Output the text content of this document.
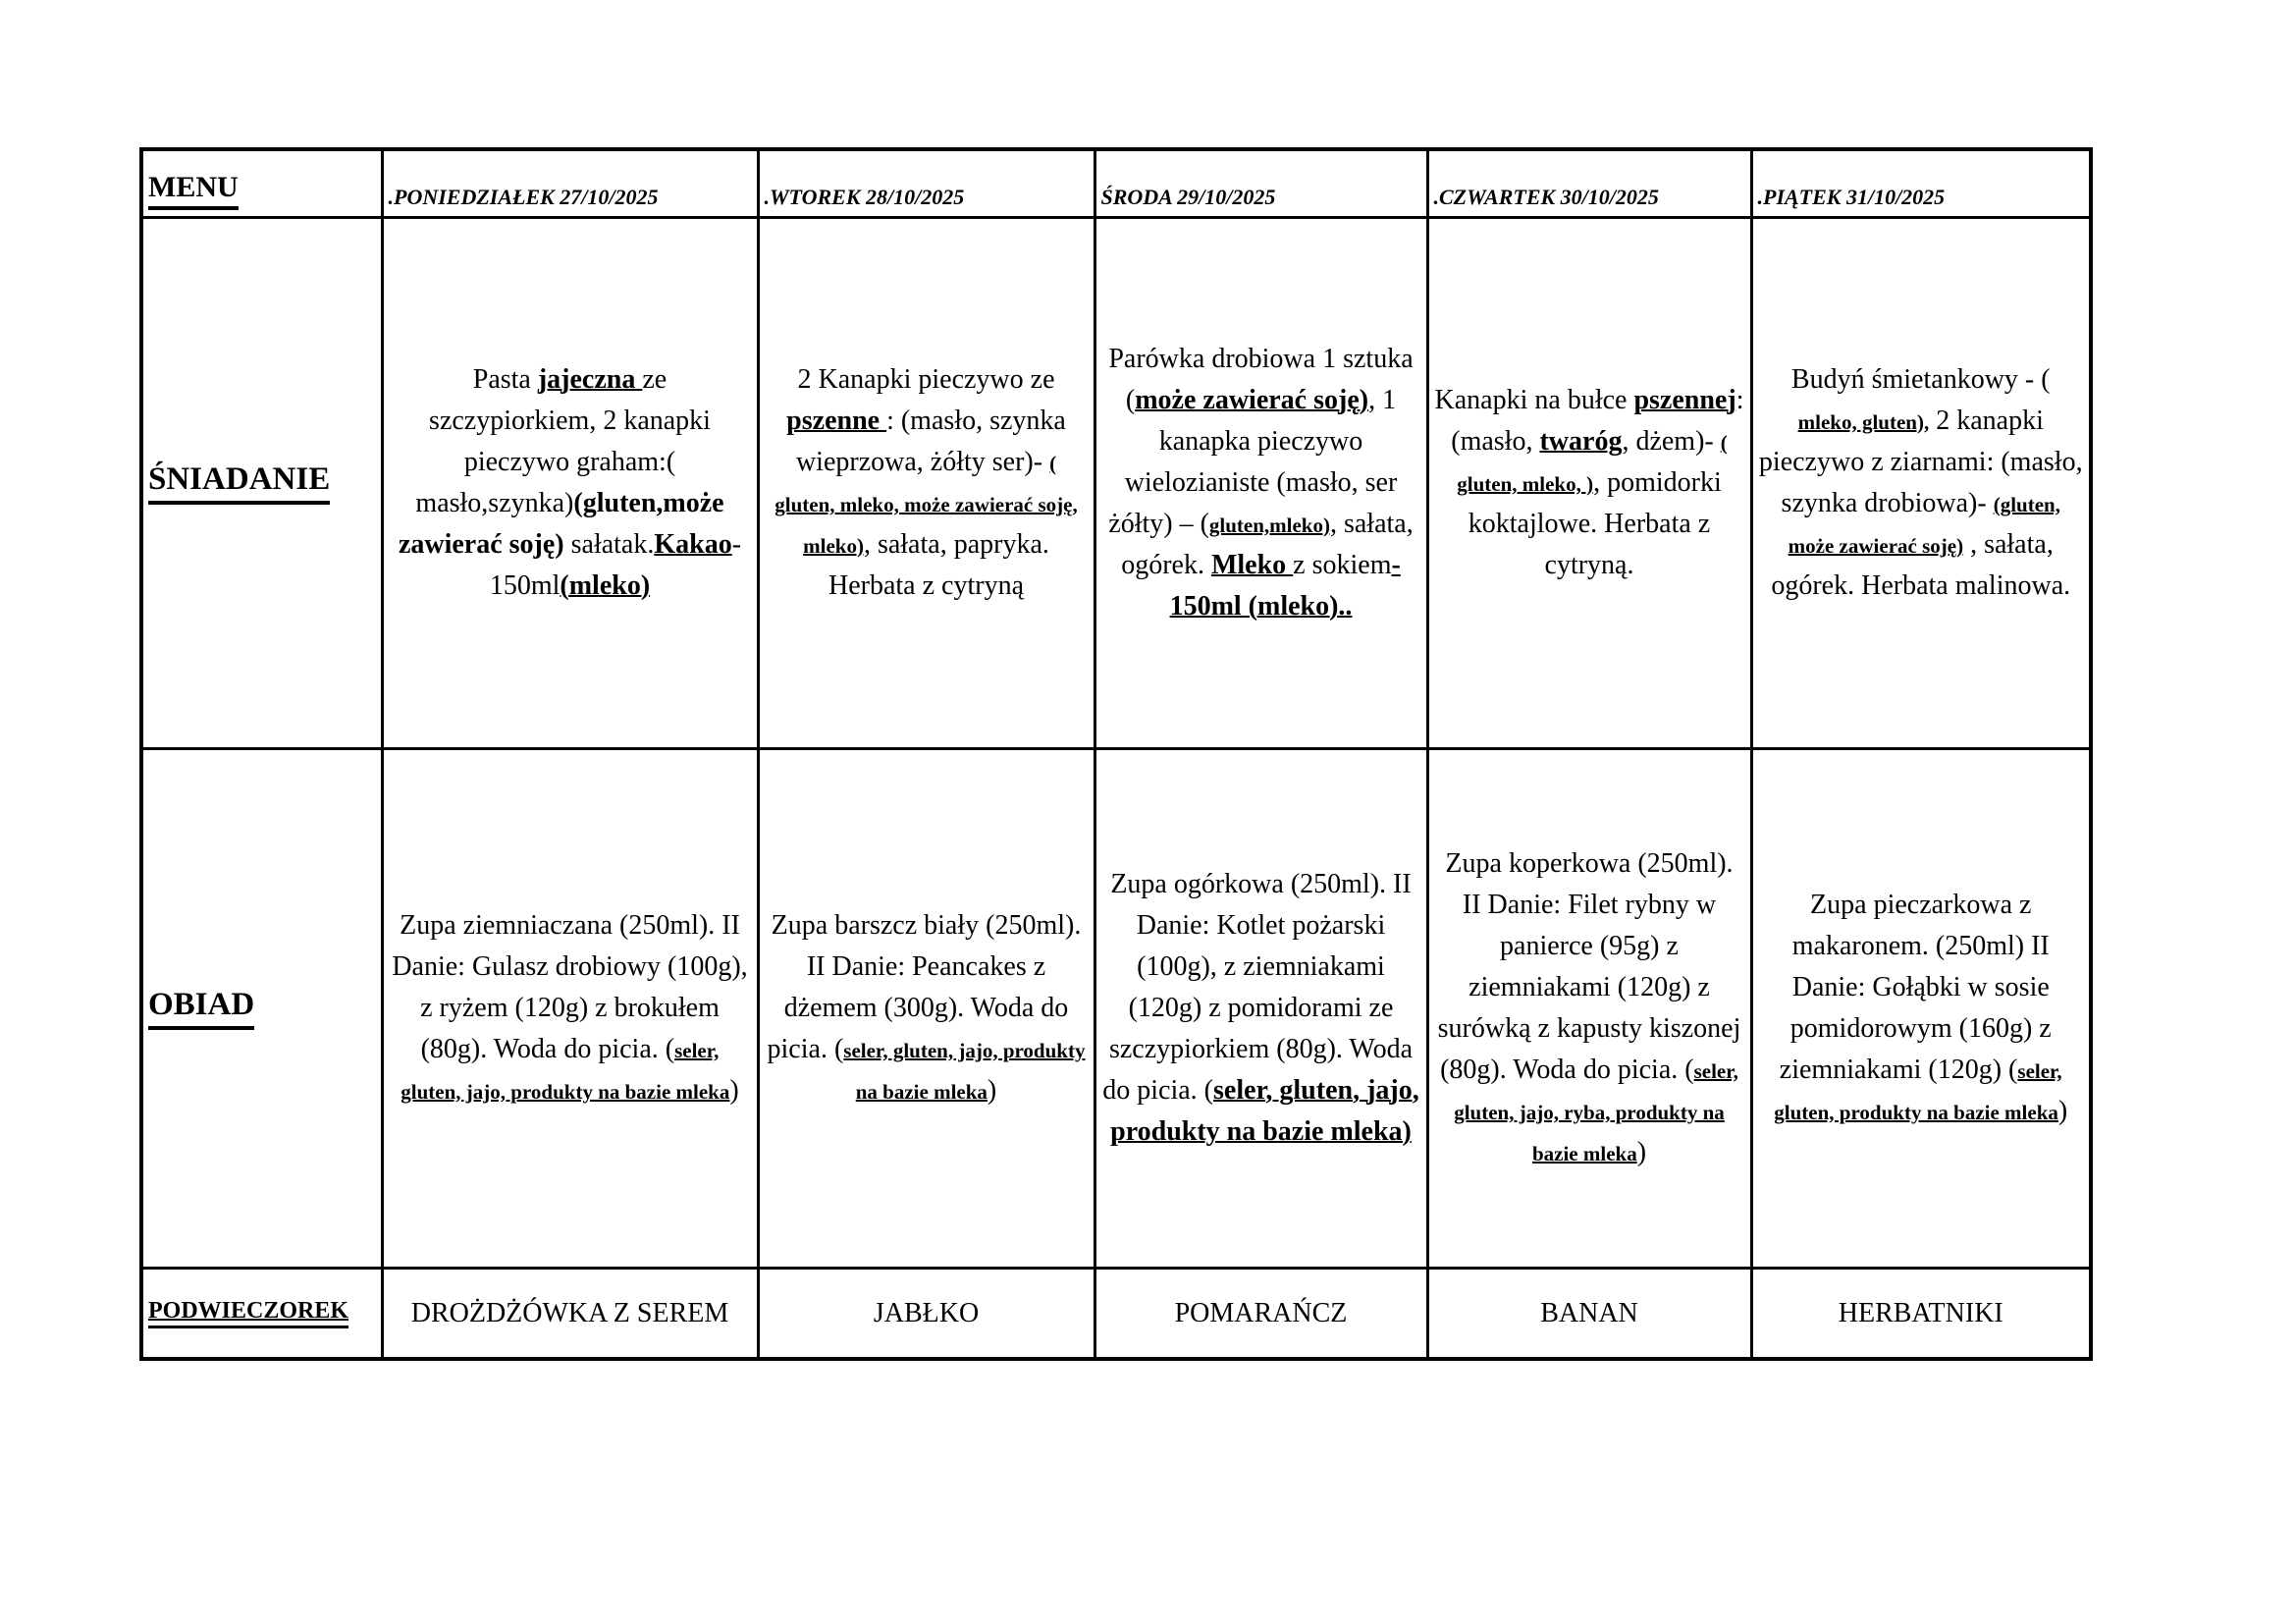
MENU	.PONIEDZIAŁEK 27/10/2025	.WTOREK 28/10/2025	ŚRODA 29/10/2025	.CZWARTEK 30/10/2025	.PIĄTEK 31/10/2025
ŚNIADANIE	Pasta jajeczna ze szczypiorkiem, 2 kanapki pieczywo graham:( masło,szynka)(gluten,może zawierać soję) sałatak.Kakao-150ml(mleko)	2 Kanapki pieczywo ze pszenne : (masło, szynka wieprzowa, żółty ser)- ( gluten, mleko, może zawierać soję, mleko), sałata, papryka. Herbata z cytryną	Parówka drobiowa 1 sztuka (może zawierać soję), 1 kanapka pieczywo wielozianiste (masło, ser żółty) – (gluten,mleko), sałata, ogórek. Mleko z sokiem-150ml (mleko)..	Kanapki na bułce pszennej: (masło, twaróg, dżem)- ( gluten, mleko, ), pomidorki koktajlowe. Herbata z cytryną.	Budyń śmietankowy - ( mleko, gluten), 2 kanapki pieczywo z ziarnami: (masło, szynka drobiowa)- (gluten, może zawierać soję) , sałata, ogórek. Herbata malinowa.
OBIAD	Zupa ziemniaczana (250ml). II Danie: Gulasz drobiowy (100g), z ryżem (120g) z brokułem (80g). Woda do picia. (seler, gluten, jajo, produkty na bazie mleka)	Zupa barszcz biały (250ml). II Danie: Peancakes z dżemem (300g). Woda do picia. (seler, gluten, jajo, produkty na bazie mleka)	Zupa ogórkowa (250ml). II Danie: Kotlet pożarski (100g), z ziemniakami (120g) z pomidorami ze szczypiorkiem (80g). Woda do picia. (seler, gluten, jajo, produkty na bazie mleka)	Zupa koperkowa (250ml). II Danie: Filet rybny w panierce (95g) z ziemniakami (120g) z surówką z kapusty kiszonej (80g). Woda do picia. (seler, gluten, jajo, ryba, produkty na bazie mleka)	Zupa pieczarkowa z makaronem. (250ml) II Danie: Gołąbki w sosie pomidorowym (160g) z ziemniakami (120g) (seler, gluten, produkty na bazie mleka)
PODWIECZOREK	DROŻDŻÓWKA Z SEREM	JABŁKO	POMARAŃCZ	BANAN	HERBATNIKI
